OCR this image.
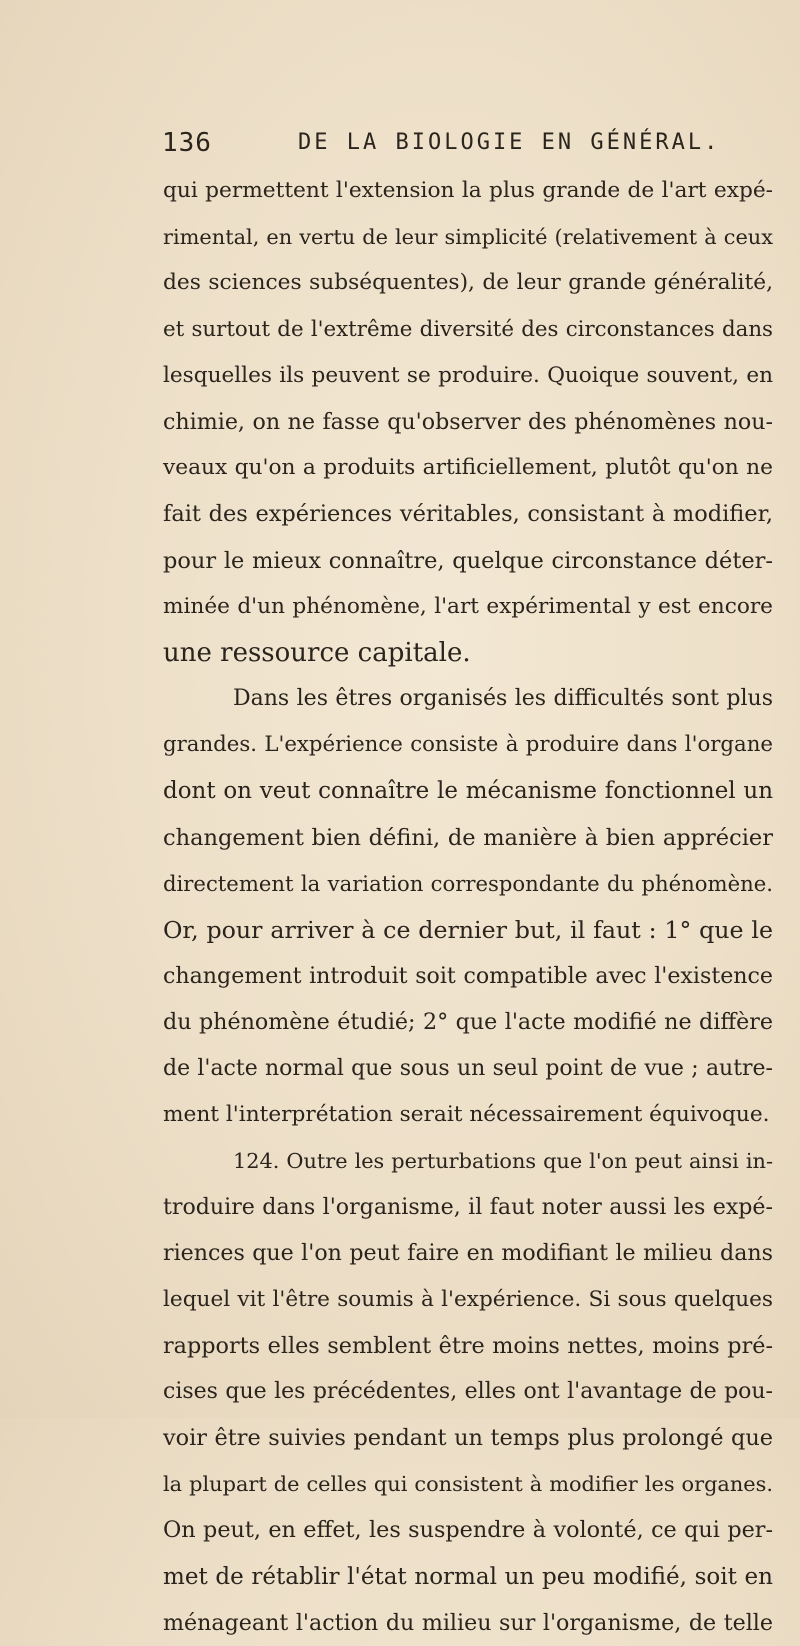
136	DE LA BIOLOGIE EN GÉNÉRAL.
qui permettent l'extension la plus grande de l'art expé-
rimental, en vertu de leur simplicité (relativement à ceux
des sciences subséquentes), de leur grande généralité,
et surtout de l'extrême diversité des circonstances dans
lesquelles ils peuvent se produire. Quoique souvent, en
chimie, on ne fasse qu'observer des phénomènes nou-
veaux qu'on a produits artificiellement, plutôt qu'on ne
fait des expériences véritables, consistant à modifier,
pour le mieux connaître, quelque circonstance déter-
minée d'un phénomène, l'art expérimental y est encore
une ressource capitale.
Dans les êtres organisés les difficultés sont plus
grandes. L'expérience consiste à produire dans l'organe
dont on veut connaître le mécanisme fonctionnel un
changement bien défini, de manière à bien apprécier
directement la variation correspondante du phénomène.
Or, pour arriver à ce dernier but, il faut : 1° que le
changement introduit soit compatible avec l'existence
du phénomène étudié; 2° que l'acte modifié ne diffère
de l'acte normal que sous un seul point de vue ; autre-
ment l'interprétation serait nécessairement équivoque.
124. Outre les perturbations que l'on peut ainsi in-
troduire dans l'organisme, il faut noter aussi les expé-
riences que l'on peut faire en modifiant le milieu dans
lequel vit l'être soumis à l'expérience. Si sous quelques
rapports elles semblent être moins nettes, moins pré-
cises que les précédentes, elles ont l'avantage de pou-
voir être suivies pendant un temps plus prolongé que
la plupart de celles qui consistent à modifier les organes.
On peut, en effet, les suspendre à volonté, ce qui per-
met de rétablir l'état normal un peu modifié, soit en
ménageant l'action du milieu sur l'organisme, de telle
